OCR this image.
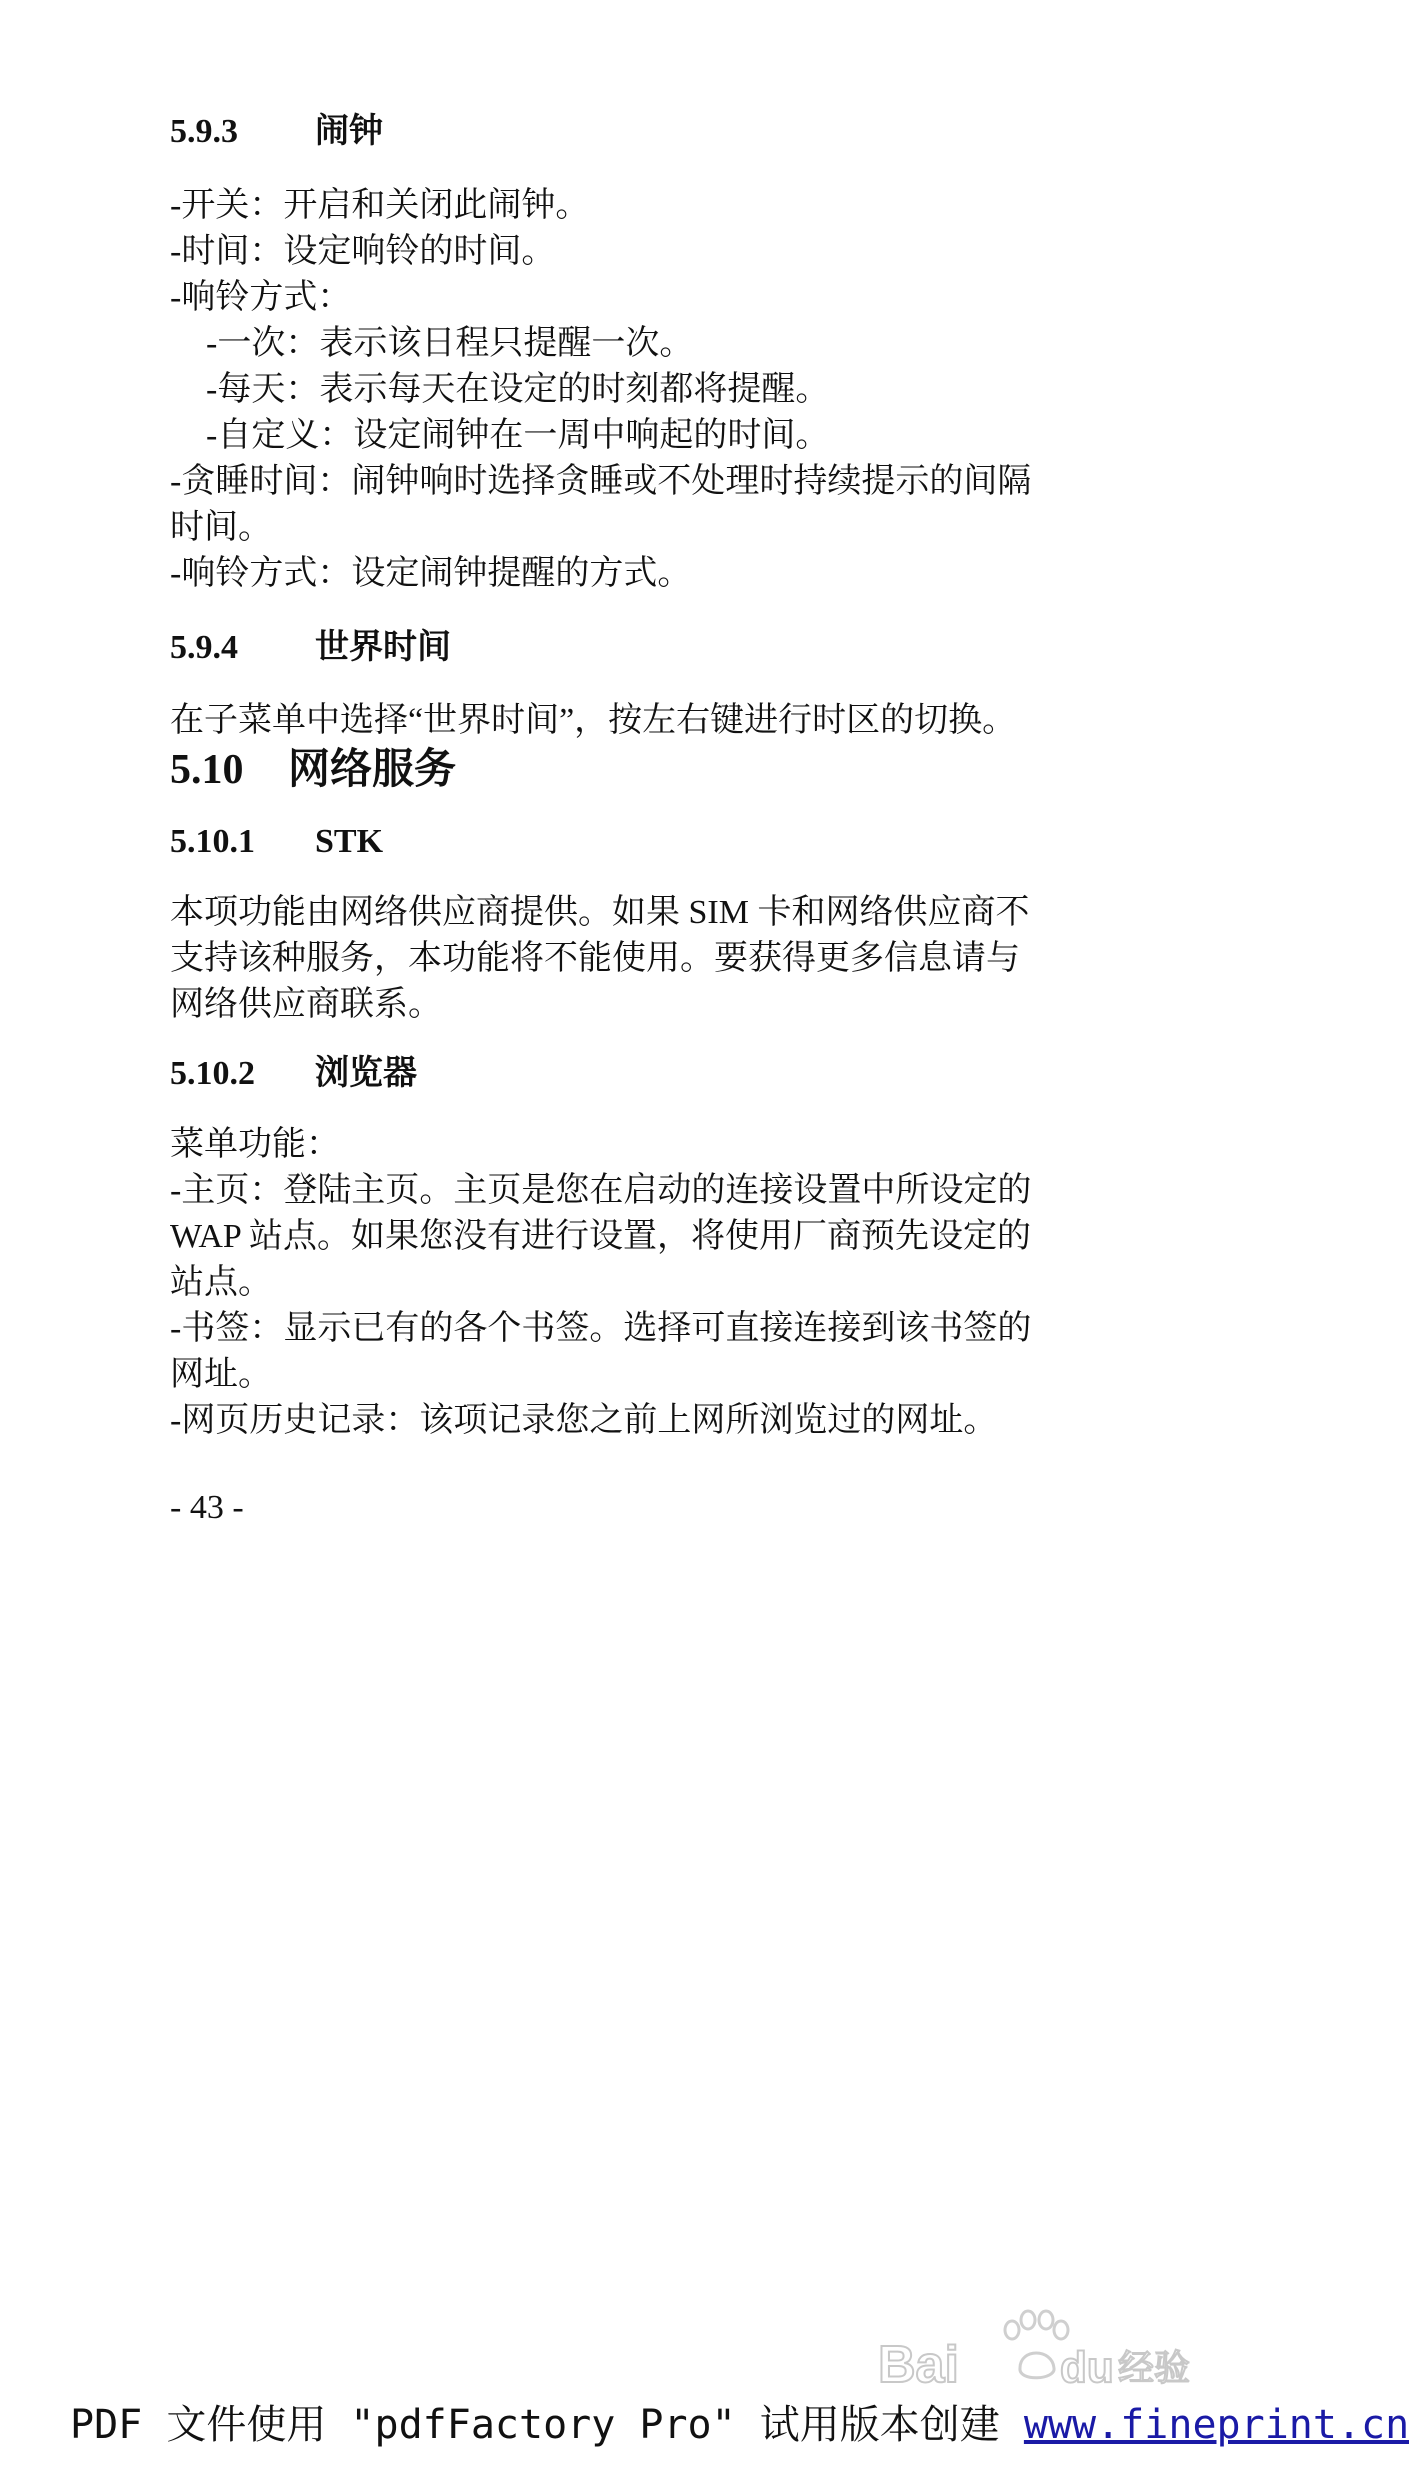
5.9.3 闹钟
-开关：开启和关闭此闹钟。
-时间：设定响铃的时间。
-响铃方式：
-一次：表示该日程只提醒一次。
-每天：表示每天在设定的时刻都将提醒。
-自定义：设定闹钟在一周中响起的时间。
-贪睡时间：闹钟响时选择贪睡或不处理时持续提示的间隔
时间。
-响铃方式：设定闹钟提醒的方式。
5.9.4 世界时间
在子菜单中选择“世界时间”，按左右键进行时区的切换。
5.10 网络服务
5.10.1 STK
本项功能由网络供应商提供。如果 SIM 卡和网络供应商不
支持该种服务，本功能将不能使用。要获得更多信息请与
网络供应商联系。
5.10.2 浏览器
菜单功能：
-主页：登陆主页。主页是您在启动的连接设置中所设定的
WAP 站点。如果您没有进行设置，将使用厂商预先设定的
站点。
-书签：显示已有的各个书签。选择可直接连接到该书签的
网址。
-网页历史记录：该项记录您之前上网所浏览过的网址。
- 43 -
Bai du 经验
PDF 文件使用 "pdfFactory Pro" 试用版本创建 www.fineprint.cn
